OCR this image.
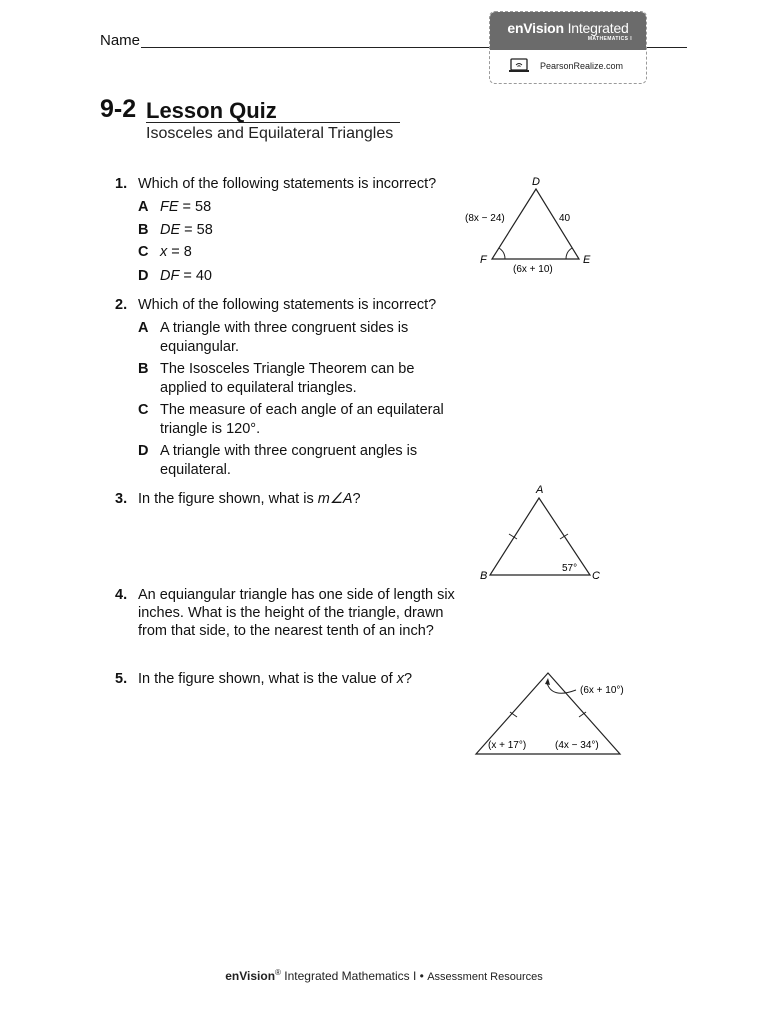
Name
enVision Integrated
MATHEMATICS I
PearsonRealize.com
9-2 Lesson Quiz
Isosceles and Equilateral Triangles
1. Which of the following statements is incorrect?
A FE = 58
B DE = 58
C x = 8
D DF = 40
2. Which of the following statements is incorrect?
A A triangle with three congruent sides is equiangular.
B The Isosceles Triangle Theorem can be applied to equilateral triangles.
C The measure of each angle of an equilateral triangle is 120°.
D A triangle with three congruent angles is equilateral.
3. In the figure shown, what is m∠A?
4. An equiangular triangle has one side of length six inches. What is the height of the triangle, drawn from that side, to the nearest tenth of an inch?
5. In the figure shown, what is the value of x?
D
F	E
(8x − 24)	40
(6x + 10)
A
B	C
57°
(6x + 10°)
(x + 17°)	(4x − 34°)
enVision® Integrated Mathematics I • Assessment Resources
